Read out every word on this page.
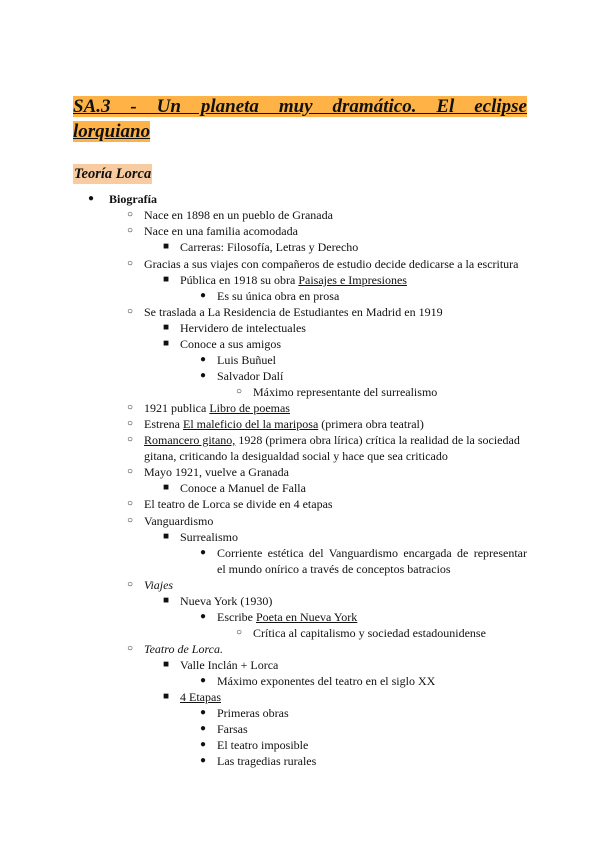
SA.3 - Un planeta muy dramático. El eclipse
lorquiano
Teoría Lorca
● Biografía
○ Nace en 1898 en un pueblo de Granada
○ Nace en una familia acomodada
■ Carreras: Filosofía, Letras y Derecho
○ Gracias a sus viajes con compañeros de estudio decide dedicarse a la escritura
■ Pública en 1918 su obra Paisajes e Impresiones
● Es su única obra en prosa
○ Se traslada a La Residencia de Estudiantes en Madrid en 1919
■ Hervidero de intelectuales
■ Conoce a sus amigos
● Luis Buñuel
● Salvador Dalí
○ Máximo representante del surrealismo
○ 1921 publica Libro de poemas
○ Estrena El maleficio del la mariposa (primera obra teatral)
○ Romancero gitano, 1928 (primera obra lírica) crítica la realidad de la sociedad
gitana, criticando la desigualdad social y hace que sea criticado
○ Mayo 1921, vuelve a Granada
■ Conoce a Manuel de Falla
○ El teatro de Lorca se divide en 4 etapas
○ Vanguardismo
■ Surrealismo
● Corriente estética del Vanguardismo encargada de representar
el mundo onírico a través de conceptos batracios
○ Viajes
■ Nueva York (1930)
● Escribe Poeta en Nueva York
○ Crítica al capitalismo y sociedad estadounidense
○ Teatro de Lorca.
■ Valle Inclán + Lorca
● Máximo exponentes del teatro en el siglo XX
■ 4 Etapas
● Primeras obras
● Farsas
● El teatro imposible
● Las tragedias rurales
